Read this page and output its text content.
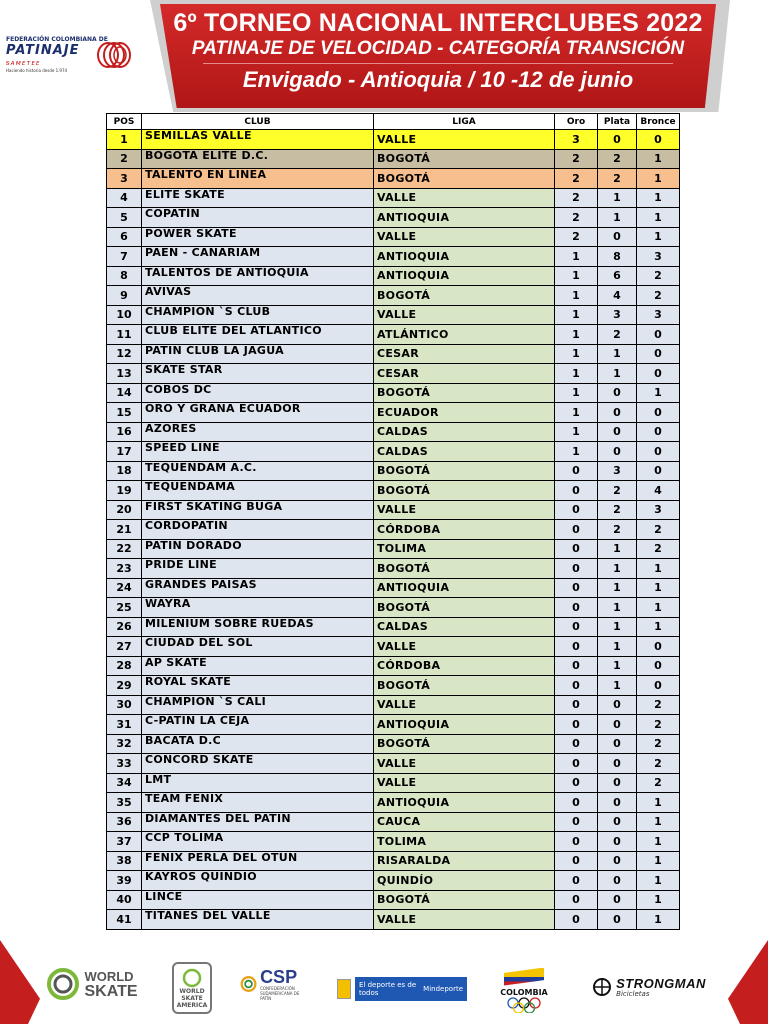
FEDERACIÓN COLOMBIANA DE
PATINAJE
ᵴᴀᴍᴇᴛᴇᴇ
Haciendo historia desde 1.974
6º TORNEO NACIONAL INTERCLUBES 2022
PATINAJE DE VELOCIDAD - CATEGORÍA TRANSICIÓN
Envigado - Antioquia / 10 -12 de junio
POS	CLUB	LIGA	Oro	Plata	Bronce
1	SEMILLAS VALLE	VALLE	3	0	0
2	BOGOTA ELITE D.C.	BOGOTÁ	2	2	1
3	TALENTO EN LINEA	BOGOTÁ	2	2	1
4	ELITE SKATE	VALLE	2	1	1
5	COPATÍN	ANTIOQUIA	2	1	1
6	POWER SKATE	VALLE	2	0	1
7	PAEN - CANARIAM	ANTIOQUIA	1	8	3
8	TALENTOS DE ANTIOQUIA	ANTIOQUIA	1	6	2
9	AVIVAS	BOGOTÁ	1	4	2
10	CHAMPION `S CLUB	VALLE	1	3	3
11	CLUB ELITE DEL ATLANTICO	ATLÁNTICO	1	2	0
12	PATIN CLUB LA JAGUA	CESAR	1	1	0
13	SKATE STAR	CESAR	1	1	0
14	COBOS DC	BOGOTÁ	1	0	1
15	ORO Y GRANA ECUADOR	ECUADOR	1	0	0
16	AZORES	CALDAS	1	0	0
17	SPEED LINE	CALDAS	1	0	0
18	TEQUENDAM A.C.	BOGOTÁ	0	3	0
19	TEQUENDAMA	BOGOTÁ	0	2	4
20	FIRST SKATING BUGA	VALLE	0	2	3
21	CORDOPATIN	CÓRDOBA	0	2	2
22	PATIN DORADO	TOLIMA	0	1	2
23	PRIDE LINE	BOGOTÁ	0	1	1
24	GRANDES PAISAS	ANTIOQUIA	0	1	1
25	WAYRA	BOGOTÁ	0	1	1
26	MILENIUM SOBRE RUEDAS	CALDAS	0	1	1
27	CIUDAD DEL SOL	VALLE	0	1	0
28	AP SKATE	CÓRDOBA	0	1	0
29	ROYAL SKATE	BOGOTÁ	0	1	0
30	CHAMPION `S CALI	VALLE	0	0	2
31	C-PATIN LA CEJA	ANTIOQUIA	0	0	2
32	BACATA D.C	BOGOTÁ	0	0	2
33	CONCORD SKATE	VALLE	0	0	2
34	LMT	VALLE	0	0	2
35	TEAM FENIX	ANTIOQUIA	0	0	1
36	DIAMANTES DEL PATIN	CAUCA	0	0	1
37	CCP TOLIMA	TOLIMA	0	0	1
38	FENIX PERLA DEL OTUN	RISARALDA	0	0	1
39	KAYROS QUINDIO	QUINDÍO	0	0	1
40	LINCE	BOGOTÁ	0	0	1
41	TITANES DEL VALLE	VALLE	0	0	1
WORLD
SKATE	WORLD
SKATE
AMERICA
CSP
CONFEDERACIÓN SUDAMERICANA DE PATÍN
El deporte es de todos	Mindeporte	COLOMBIA
STRONGMAN
Bicicletas
